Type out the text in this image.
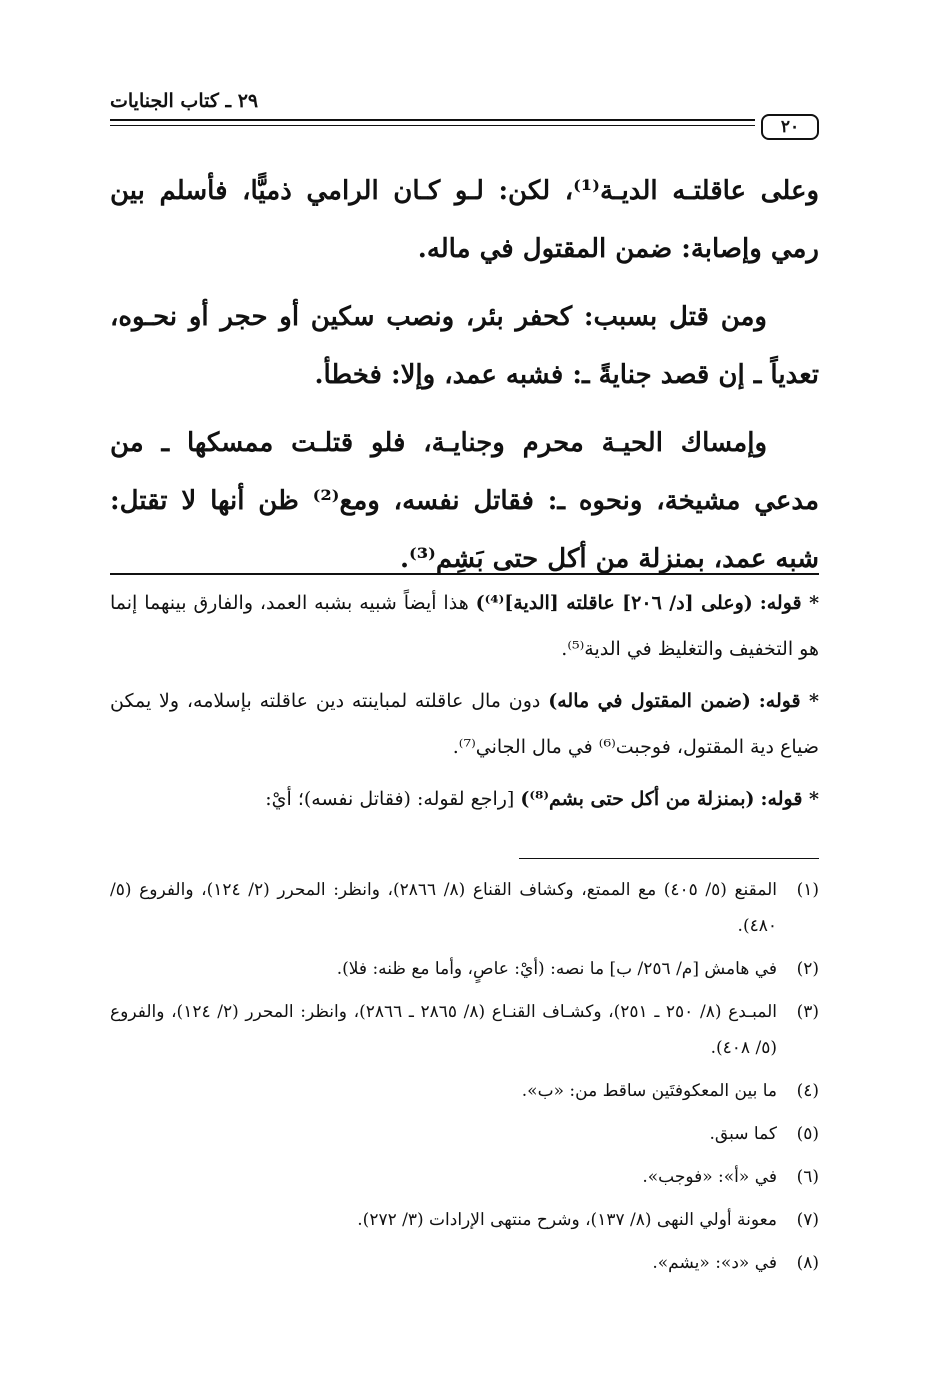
٢٠
٢٩ ـ كتاب الجنايات

وعلى عاقلتـه الديـة⁽¹⁾، لكن: لـو كـان الرامي ذميًّا، فأسلم بين رمي وإصابة: ضمن المقتول في ماله.

ومن قتل بسبب: كحفر بئر، ونصب سكين أو حجر أو نحـوه، تعدياً ـ إن قصد جنايةً ـ: فشبه عمد، وإلا: فخطأ.

وإمساك الحيـة محرم وجنايـة، فلو قتلـت ممسكها ـ من مدعي مشيخة، ونحوه ـ: فقاتل نفسه، ومع⁽²⁾ ظن أنها لا تقتل: شبه عمد، بمنزلة من أكل حتى بَشِم⁽³⁾.

* قوله: (وعلى [د/ ٢٠٦] عاقلته [الدية]⁽⁴⁾) هذا أيضاً شبيه بشبه العمد، والفارق بينهما إنما هو التخفيف والتغليظ في الدية⁽⁵⁾.

* قوله: (ضمن المقتول في ماله) دون مال عاقلته لمباينته دين عاقلته بإسلامه، ولا يمكن ضياع دية المقتول، فوجبت⁽⁶⁾ في مال الجاني⁽⁷⁾.

* قوله: (بمنزلة من أكل حتى بشم⁽⁸⁾) [راجع لقوله: (فقاتل نفسه)؛ أيْ:

(١)
المقنع (٥/ ٤٠٥) مع الممتع، وكشاف القناع (٨/ ٢٨٦٦)، وانظر: المحرر (٢/ ١٢٤)، والفروع (٥/ ٤٨٠).
(٢)
في هامش [م/ ٢٥٦/ ب] ما نصه: (أيْ: عاصٍ، وأما مع ظنه: فلا).
(٣)
المبـدع (٨/ ٢٥٠ ـ ٢٥١)، وكشـاف القنـاع (٨/ ٢٨٦٥ ـ ٢٨٦٦)، وانظر: المحرر (٢/ ١٢٤)، والفروع (٥/ ٤٠٨).
(٤)
ما بين المعكوفتَين ساقط من: «ب».
(٥)
كما سبق.
(٦)
في «أ»: «فوجب».
(٧)
معونة أولي النهى (٨/ ١٣٧)، وشرح منتهى الإرادات (٣/ ٢٧٢).
(٨)
في «د»: «يشم».
